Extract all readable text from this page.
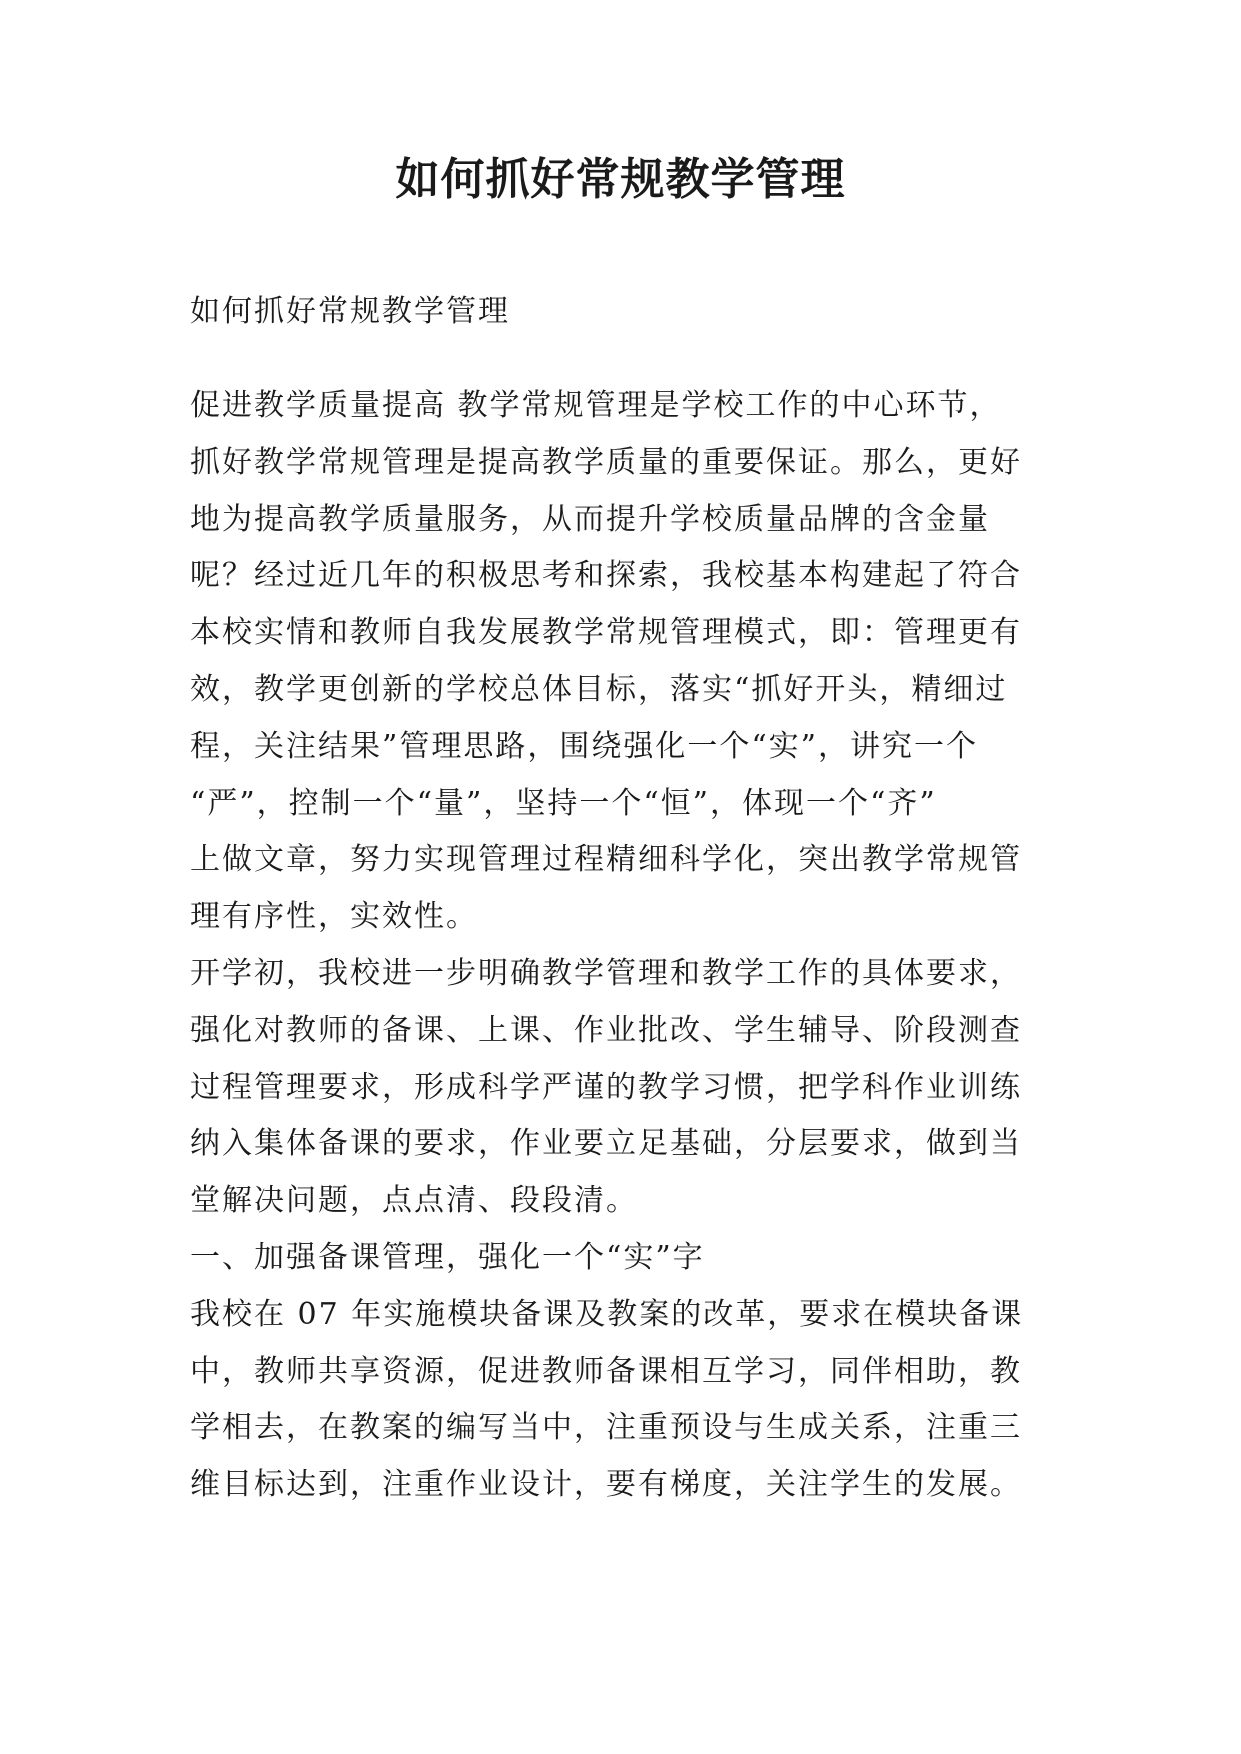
如何抓好常规教学管理

如何抓好常规教学管理

促进教学质量提高 教学常规管理是学校工作的中心环节，

抓好教学常规管理是提高教学质量的重要保证。那么，更好

地为提高教学质量服务，从而提升学校质量品牌的含金量

呢？经过近几年的积极思考和探索，我校基本构建起了符合

本校实情和教师自我发展教学常规管理模式，即：管理更有

效，教学更创新的学校总体目标，落实“抓好开头，精细过

程，关注结果”管理思路，围绕强化一个“实”，讲究一个

“严”，控制一个“量”，坚持一个“恒”，体现一个“齐”

上做文章，努力实现管理过程精细科学化，突出教学常规管

理有序性，实效性。

开学初，我校进一步明确教学管理和教学工作的具体要求，

强化对教师的备课、上课、作业批改、学生辅导、阶段测查

过程管理要求，形成科学严谨的教学习惯，把学科作业训练

纳入集体备课的要求，作业要立足基础，分层要求，做到当

堂解决问题，点点清、段段清。

一、加强备课管理，强化一个“实”字

我校在 07 年实施模块备课及教案的改革，要求在模块备课

中，教师共享资源，促进教师备课相互学习，同伴相助，教

学相去，在教案的编写当中，注重预设与生成关系，注重三

维目标达到，注重作业设计，要有梯度，关注学生的发展。
